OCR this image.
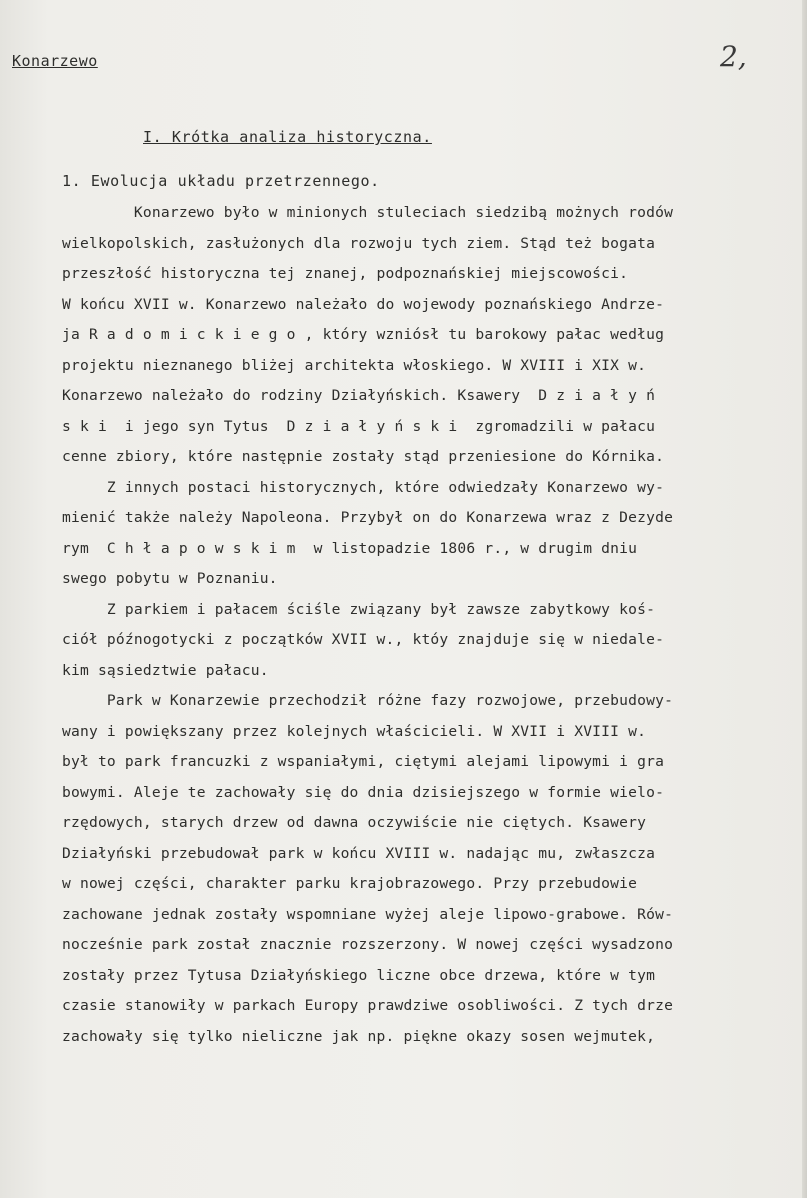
Konarzewo	2,
I. Krótka analiza historyczna.
1. Ewolucja układu przetrzennego.
Konarzewo było w minionych stuleciach siedzibą możnych rodów
wielkopolskich, zasłużonych dla rozwoju tych ziem. Stąd też bogata
przeszłość historyczna tej znanej, podpoznańskiej miejscowości.
W końcu XVII w. Konarzewo należało do wojewody poznańskiego Andrze-
ja R a d o m i c k i e g o , który wzniósł tu barokowy pałac według
projektu nieznanego bliżej architekta włoskiego. W XVIII i XIX w.
Konarzewo należało do rodziny Działyńskich. Ksawery  D z i a ł y ń
s k i  i jego syn Tytus  D z i a ł y ń s k i  zgromadzili w pałacu
cenne zbiory, które następnie zostały stąd przeniesione do Kórnika.
Z innych postaci historycznych, które odwiedzały Konarzewo wy-
mienić także należy Napoleona. Przybył on do Konarzewa wraz z Dezyde
rym  C h ł a p o w s k i m  w listopadzie 1806 r., w drugim dniu
swego pobytu w Poznaniu.
Z parkiem i pałacem ściśle związany był zawsze zabytkowy koś-
ciół późnogotycki z początków XVII w., któy znajduje się w niedale-
kim sąsiedztwie pałacu.
Park w Konarzewie przechodził różne fazy rozwojowe, przebudowy-
wany i powiększany przez kolejnych właścicieli. W XVII i XVIII w.
był to park francuzki z wspaniałymi, ciętymi alejami lipowymi i gra
bowymi. Aleje te zachowały się do dnia dzisiejszego w formie wielo-
rzędowych, starych drzew od dawna oczywiście nie ciętych. Ksawery
Działyński przebudował park w końcu XVIII w. nadając mu, zwłaszcza
w nowej części, charakter parku krajobrazowego. Przy przebudowie
zachowane jednak zostały wspomniane wyżej aleje lipowo-grabowe. Rów-
nocześnie park został znacznie rozszerzony. W nowej części wysadzono
zostały przez Tytusa Działyńskiego liczne obce drzewa, które w tym
czasie stanowiły w parkach Europy prawdziwe osobliwości. Z tych drze
zachowały się tylko nieliczne jak np. piękne okazy sosen wejmutek,
